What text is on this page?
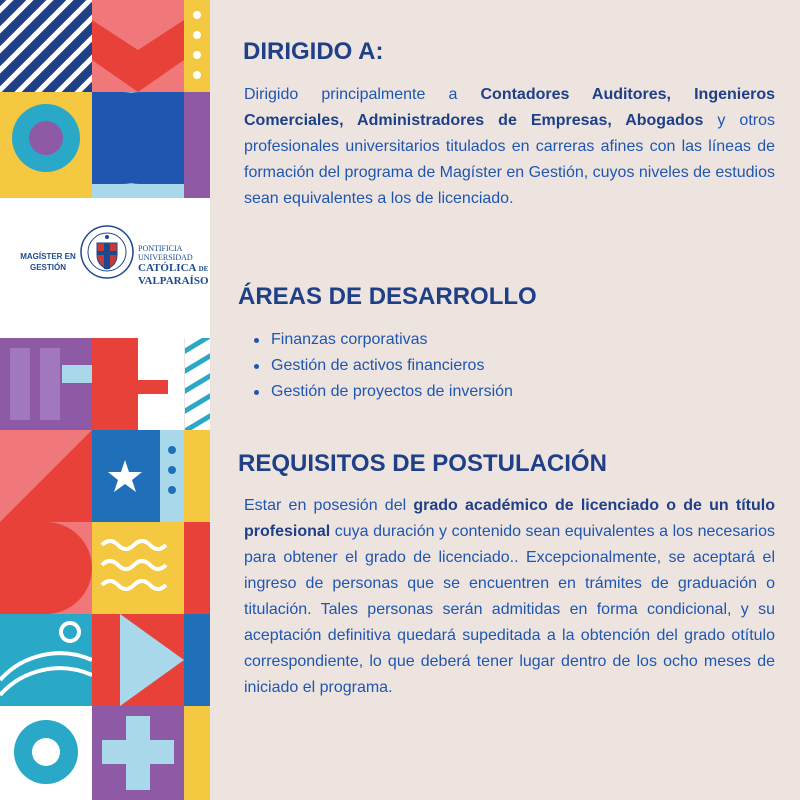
MAGÍSTER EN GESTIÓN
PONTIFICIA
UNIVERSIDAD
CATÓLICA DE
VALPARAÍSO
DIRIGIDO A:

Dirigido principalmente a Contadores Auditores, Ingenieros Comerciales, Administradores de Empresas, Abogados y otros profesionales universitarios titulados en carreras afines con las líneas de formación del programa de Magíster en Gestión, cuyos niveles de estudios sean equivalentes a los de licenciado.

ÁREAS DE DESARROLLO
Finanzas corporativas
Gestión de activos financieros
Gestión de proyectos de inversión
REQUISITOS DE POSTULACIÓN

Estar en posesión del grado académico de licenciado o de un título profesional cuya duración y contenido sean equivalentes a los necesarios para obtener el grado de licenciado.. Excepcionalmente, se aceptará el ingreso de personas que se encuentren en trámites de graduación o titulación. Tales personas serán admitidas en forma condicional, y su aceptación definitiva quedará supeditada a la obtención del grado otítulo correspondiente, lo que deberá tener lugar dentro de los ocho meses de iniciado el programa.
